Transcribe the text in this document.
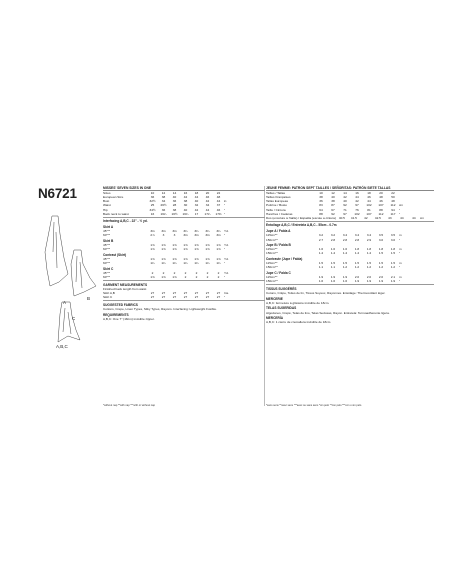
N6721
A
B
C
A,B,C
MISSES' SEVEN SIZES IN ONE
Sizes	10	12	14	16	18	20	22
European Size	36	38	40	42	44	46	48
Bust	32½	34	36	38	40	42	44	in
Waist	25	26½	28	30	32	34	37	"
Hip	34½	36	38	40	42	44	46	"
Back neck to waist	16	16¼	16½	16¾	17	17¼	17⅜ "
Interfacing A,B,C - 22" - ½ yd.
Skirt A
45"**	3⅛	3⅛	3⅛	3¼	3¼	3¼	3¼	Yd.
60"**	2⅞	3	3	3⅛	3⅛	3⅛	3⅛	"
Skirt B
45"**	1⅝	1⅝	1⅝	1⅝	1⅝	1⅝	1⅝	Yd.
60"**	1⅝	1⅝	1⅝	1⅝	1⅝	1⅝	1⅝	"
Contrast (Skirt)
45"**	1⅝	1⅝	1⅝	1⅝	1⅝	1⅝	1⅝	Yd.
60"**	1¼	1¼	1¼	1¼	1¼	1¼	1¼	"
Skirt C
45"**	2	2	2	2	2	2	2	Yd.
60"**	1⅝	1⅝	1⅝	2	2	2	2	"
GARMENT MEASUREMENTS
Finished back length from waist
Skirt A,B	27	27	27	27	27	27	27	Ins.
Skirt C	27	27	27	27	27	27	27	"
SUGGESTED FABRICS
Cottons, Crepe, Linen Types, Silky Types, Rayons. Interfacing: Lightweight Fusible.
REQUIREMENTS
A,B,C: One 7" (18cm) invisible zipper.
JEUNE FEMME: PATRON SEPT TAILLES / SEÑORITAS: PATRÓN SIETE TALLAS
Tailles / Tallas	10	12	14	16	18	20	22
Tailles Françaises	38	40	42	44	46	48	50
Tallas Europeas	36	38	40	42	44	46	48
Poitrine / Busto	83	87	92	97	102	107	112	cm
Taille / Cintura	64	67	71	76	81	88	94	"
Hanches / Caderas	88	92	97	102	107	112	117	"
Dos (encolure à l'taille) / Espalda (escote a cintura) 40.5	41.5	42	42.5	43	44	44	cm
Entoilage A,B,C / Entretela A,B,C - 55cm - 0.7m
Jupe A / Falda A
115cm**	3.2	3.2	3.4	3.4	3.4	3.5	3.5	m
150cm**	2.7	2.8	2.8	2.8	2.9	3.0	3.0	"
Jupe B / Falda B
115cm**	1.6	1.6	1.6	1.8	1.8	1.8	1.8	m
150cm**	1.4	1.4	1.4	1.4	1.4	1.5	1.5	"
Contraste (Jupe / Falda)
115cm**	1.5	1.5	1.5	1.5	1.5	1.5	1.5	m
150cm**	1.1	1.1	1.2	1.2	1.2	1.2	1.2	"
Jupe C / Falda C
115cm**	1.9	1.9	1.9	2.0	2.0	2.0	2.1	m
150cm**	1.6	1.6	1.6	1.9	1.9	1.9	1.9	"
TISSUS SUGGÉRÉS
Cotons, Crêpe, Toiles de lin, Tissus Soyeux, Rayonnes. Entoilage: Thermocollant léger.
MERCERIE
A,B,C: fermeture à glissière invisible de 18cm.
TELAS SUGERIDAS
Algodones, Crepé, Telas de lino, Telas Sedosas, Rayon. Entretela: Termoadherente ligera.
MERCERÍA
A,B,C: 1 cierre de cremallera invisible de 18cm.
*without nap **with nap ***with or without nap	*sans sens **avec sens ***avec ou sans sens *sin pelo **con pelo ***con o sin pelo
